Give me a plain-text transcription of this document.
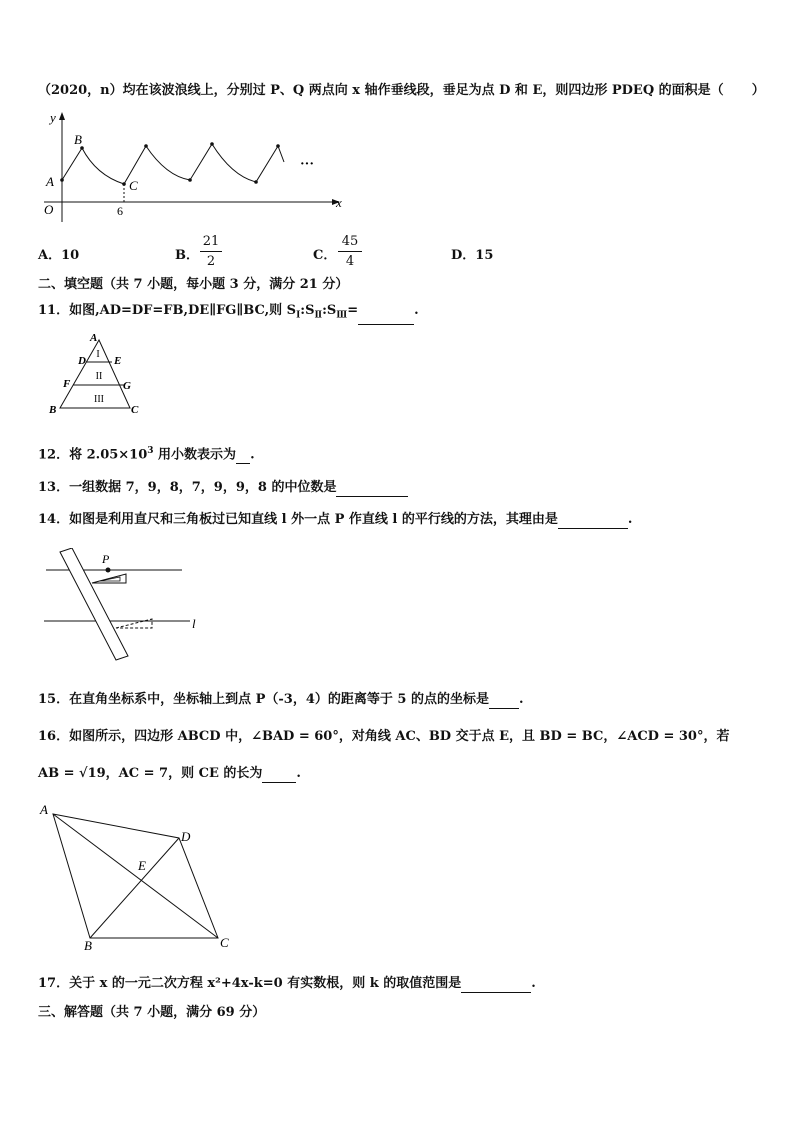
（2020，n）均在该波浪线上，分别过 P、Q 两点向 x 轴作垂线段，垂足为点 D 和 E，则四边形 PDEQ 的面积是（ ）
y
x
O
A
B
C
6
···
A．10	B．
21
2	C．
45
4	D．15
二、填空题（共 7 小题，每小题 3 分，满分 21 分）
11．如图,AD=DF=FB,DE∥FG∥BC,则 $S_Ⅰ:S_Ⅱ:S_Ⅲ=$	.
A
D	E
F	G
B	C
I
II
III
12．将 $2.05\times 10^3$ 用小数表示为 .
13．一组数据 7，9，8，7，9，9，8 的中位数是
14．如图是利用直尺和三角板过已知直线 l 外一点 P 作直线 l 的平行线的方法，其理由是	.
P
l
15．在直角坐标系中，坐标轴上到点 P（-3，4）的距离等于 5 的点的坐标是 .
16．如图所示，四边形 ABCD 中，∠BAD = 60°，对角线 AC、BD 交于点 E，且 BD = BC，∠ACD = 30°，若
AB = √19，AC = 7，则 CE 的长为	.
A
D
E
B	C
17．关于 x 的一元二次方程 x²+4x-k=0 有实数根，则 k 的取值范围是	.
三、解答题（共 7 小题，满分 69 分）
